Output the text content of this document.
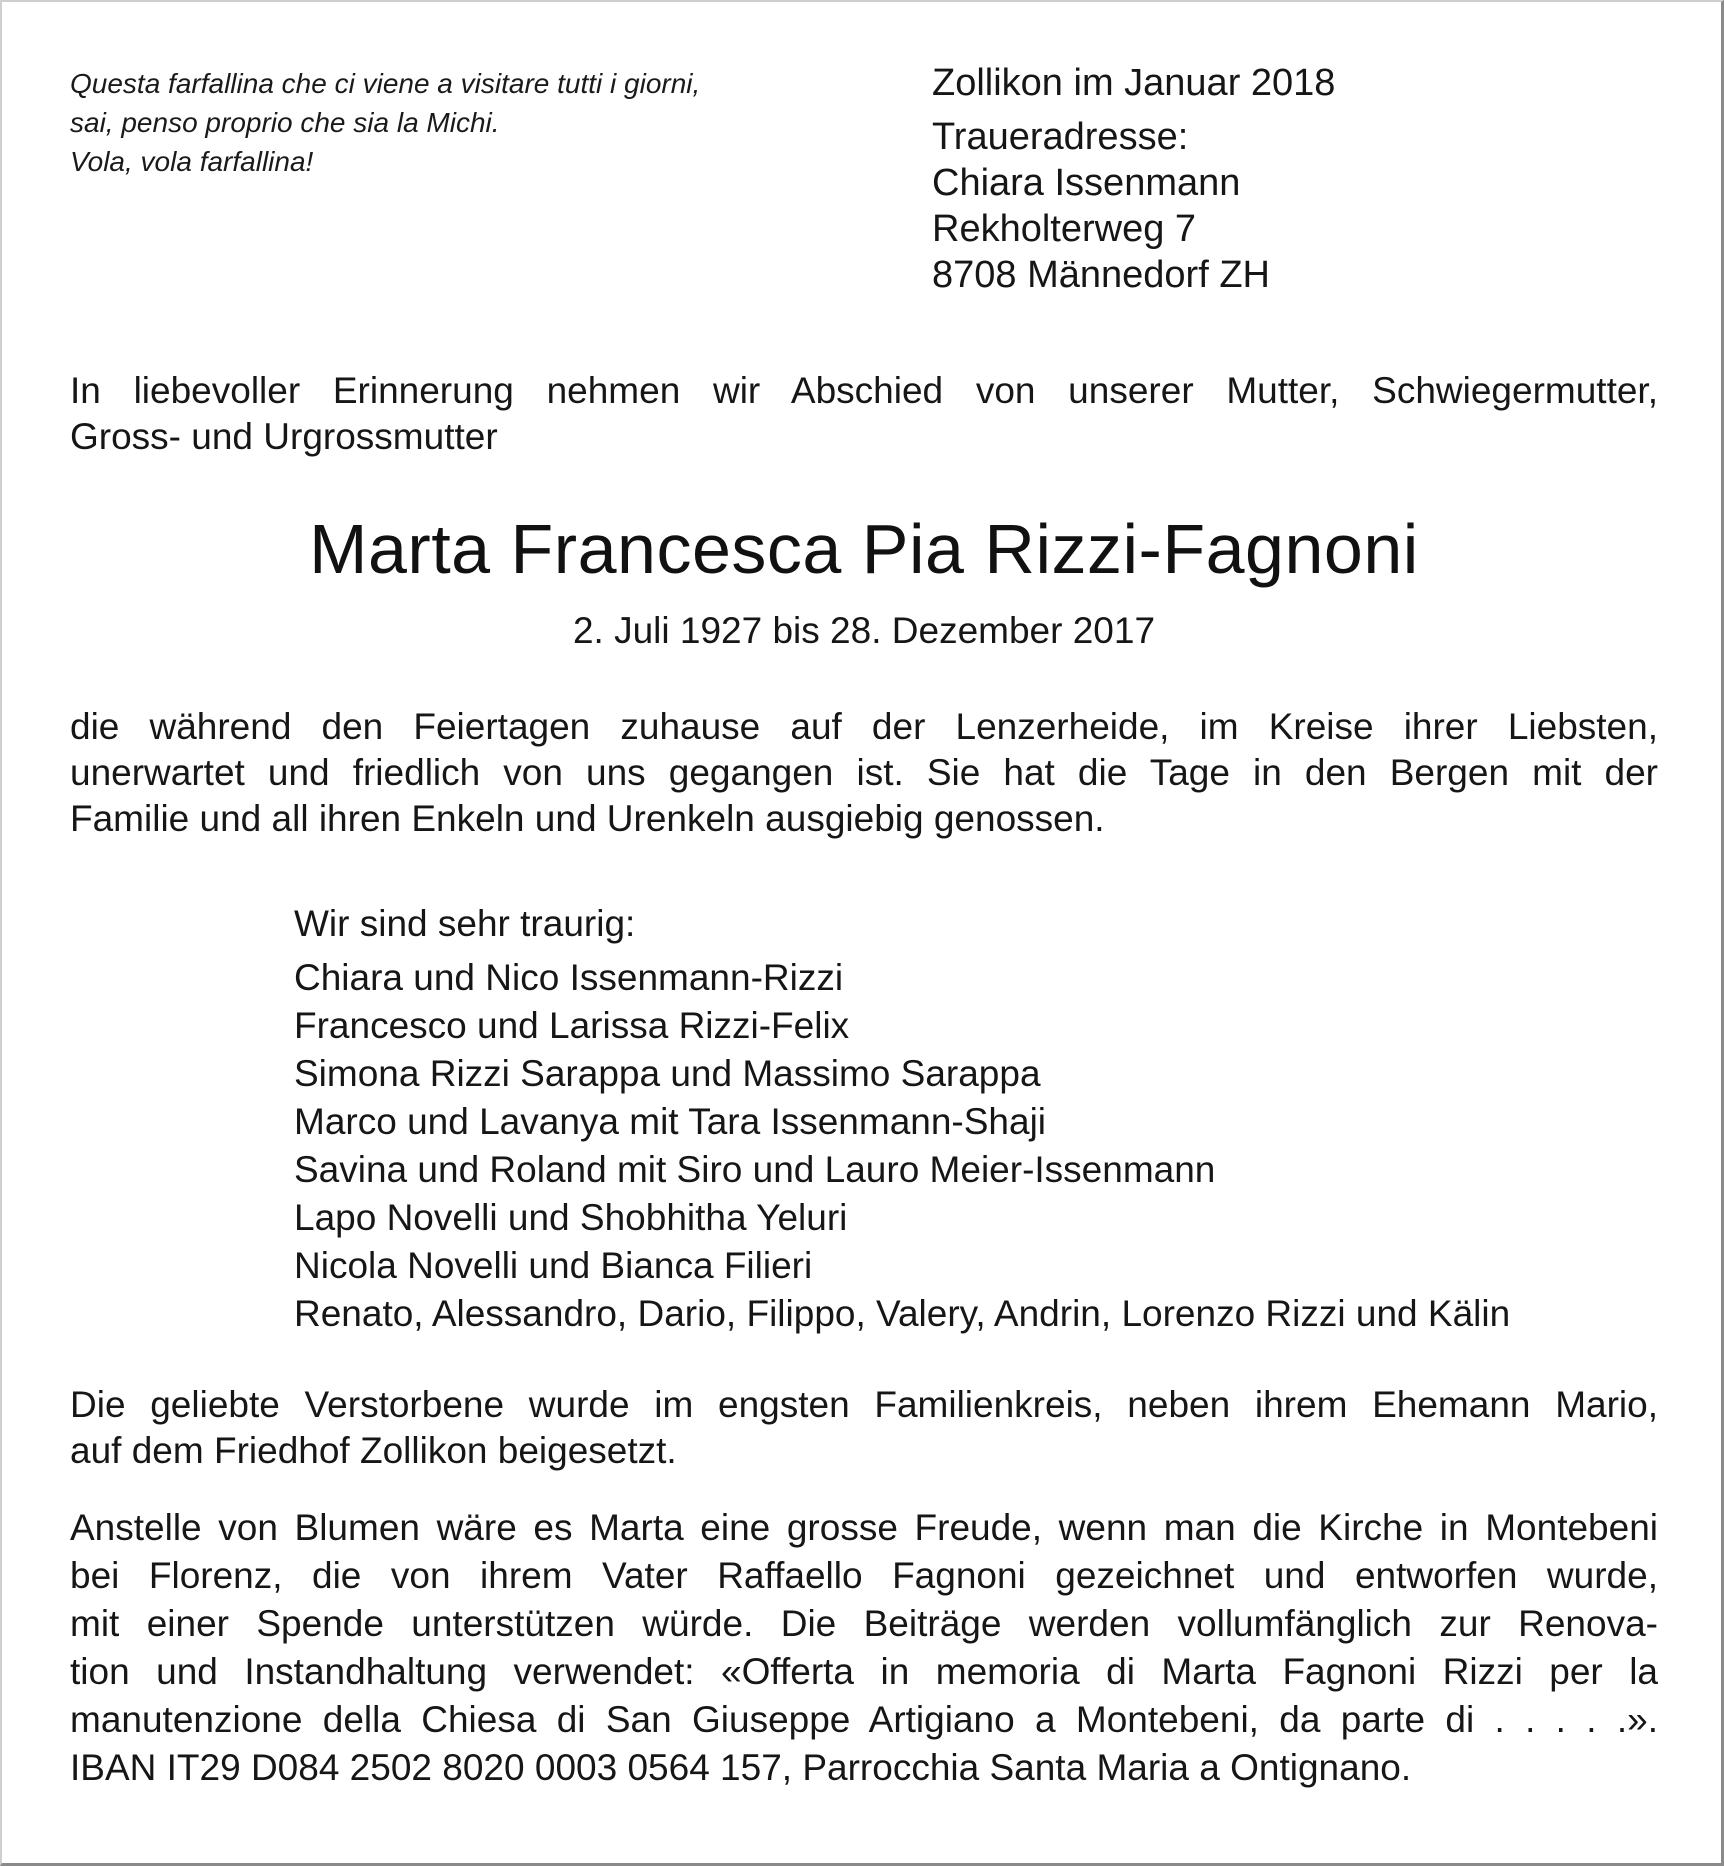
Questa farfallina che ci viene a visitare tutti i giorni,
sai, penso proprio che sia la Michi.
Vola, vola farfallina!
Zollikon im Januar 2018
Traueradresse:
Chiara Issenmann
Rekholterweg 7
8708 Männedorf ZH
In liebevoller Erinnerung nehmen wir Abschied von unserer Mutter, Schwiegermutter,
Gross- und Urgrossmutter
Marta Francesca Pia Rizzi-Fagnoni
2. Juli 1927 bis 28. Dezember 2017
die während den Feiertagen zuhause auf der Lenzerheide, im Kreise ihrer Liebsten,
unerwartet und friedlich von uns gegangen ist. Sie hat die Tage in den Bergen mit der
Familie und all ihren Enkeln und Urenkeln ausgiebig genossen.
Wir sind sehr traurig:
Chiara und Nico Issenmann-Rizzi
Francesco und Larissa Rizzi-Felix
Simona Rizzi Sarappa und Massimo Sarappa
Marco und Lavanya mit Tara Issenmann-Shaji
Savina und Roland mit Siro und Lauro Meier-Issenmann
Lapo Novelli und Shobhitha Yeluri
Nicola Novelli und Bianca Filieri
Renato, Alessandro, Dario, Filippo, Valery, Andrin, Lorenzo Rizzi und Kälin
Die geliebte Verstorbene wurde im engsten Familienkreis, neben ihrem Ehemann Mario,
auf dem Friedhof Zollikon beigesetzt.
Anstelle von Blumen wäre es Marta eine grosse Freude, wenn man die Kirche in Montebeni
bei Florenz, die von ihrem Vater Raffaello Fagnoni gezeichnet und entworfen wurde,
mit einer Spende unterstützen würde. Die Beiträge werden vollumfänglich zur Renova-
tion und Instandhaltung verwendet: «Offerta in memoria di Marta Fagnoni Rizzi per la
manutenzione della Chiesa di San Giuseppe Artigiano a Montebeni, da parte di . . . . .».
IBAN IT29 D084 2502 8020 0003 0564 157, Parrocchia Santa Maria a Ontignano.
